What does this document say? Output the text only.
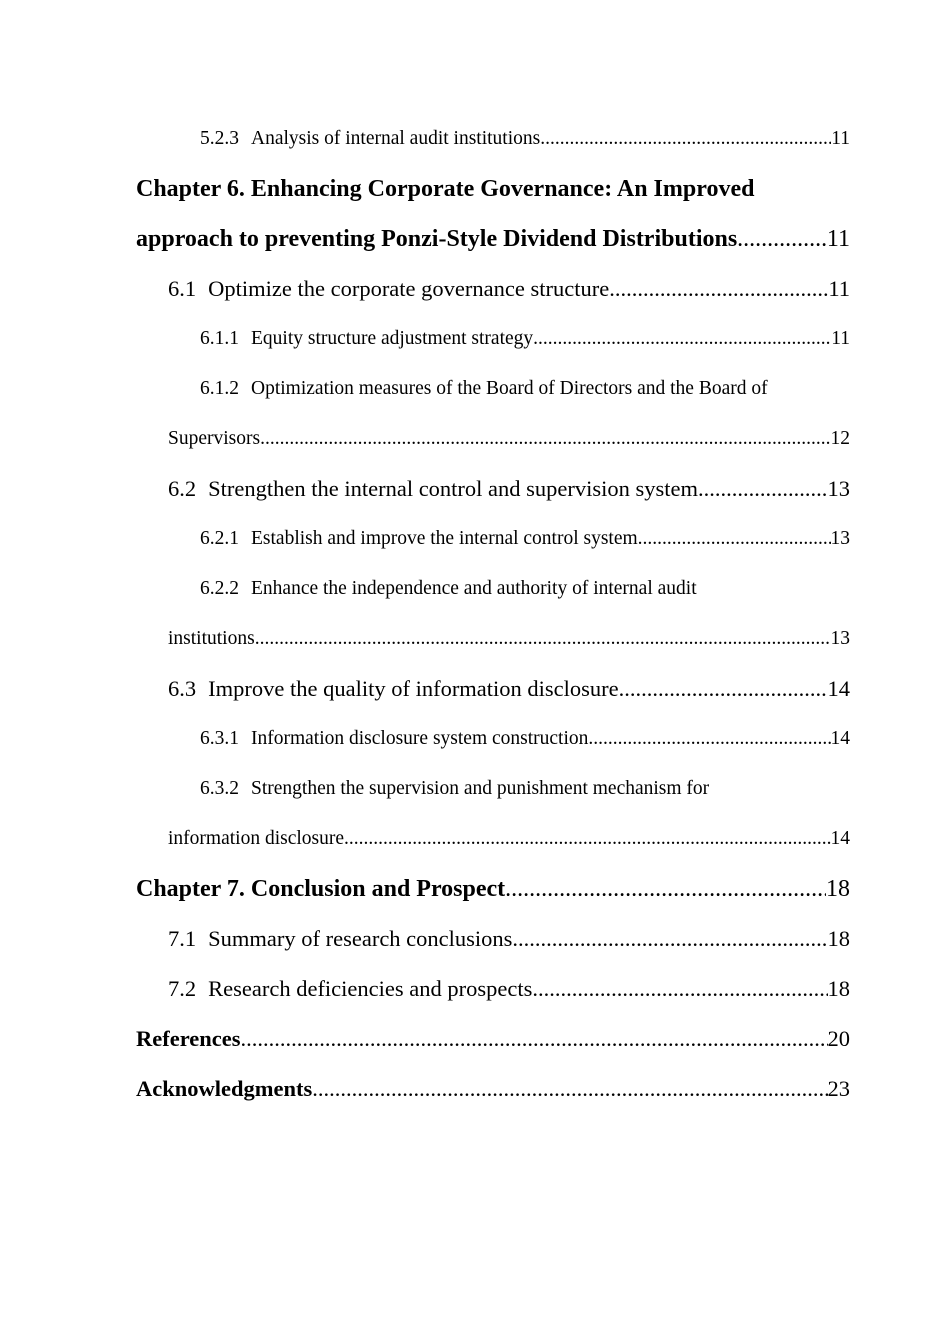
5.2.3 Analysis of internal audit institutions .....	11
Chapter 6. Enhancing Corporate Governance: An Improved
approach to preventing Ponzi-Style Dividend Distributions .....	11
6.1 Optimize the corporate governance structure .....	11
6.1.1 Equity structure adjustment strategy .....	11
6.1.2 Optimization measures of the Board of Directors and the Board of
Supervisors .....	12
6.2 Strengthen the internal control and supervision system .....	13
6.2.1 Establish and improve the internal control system .....	13
6.2.2 Enhance the independence and authority of internal audit
institutions .....	13
6.3 Improve the quality of information disclosure .....	14
6.3.1 Information disclosure system construction .....	14
6.3.2 Strengthen the supervision and punishment mechanism for
information disclosure .....	14
Chapter 7. Conclusion and Prospect .....	18
7.1 Summary of research conclusions .....	18
7.2 Research deficiencies and prospects .....	18
References .....	20
Acknowledgments .....	23
